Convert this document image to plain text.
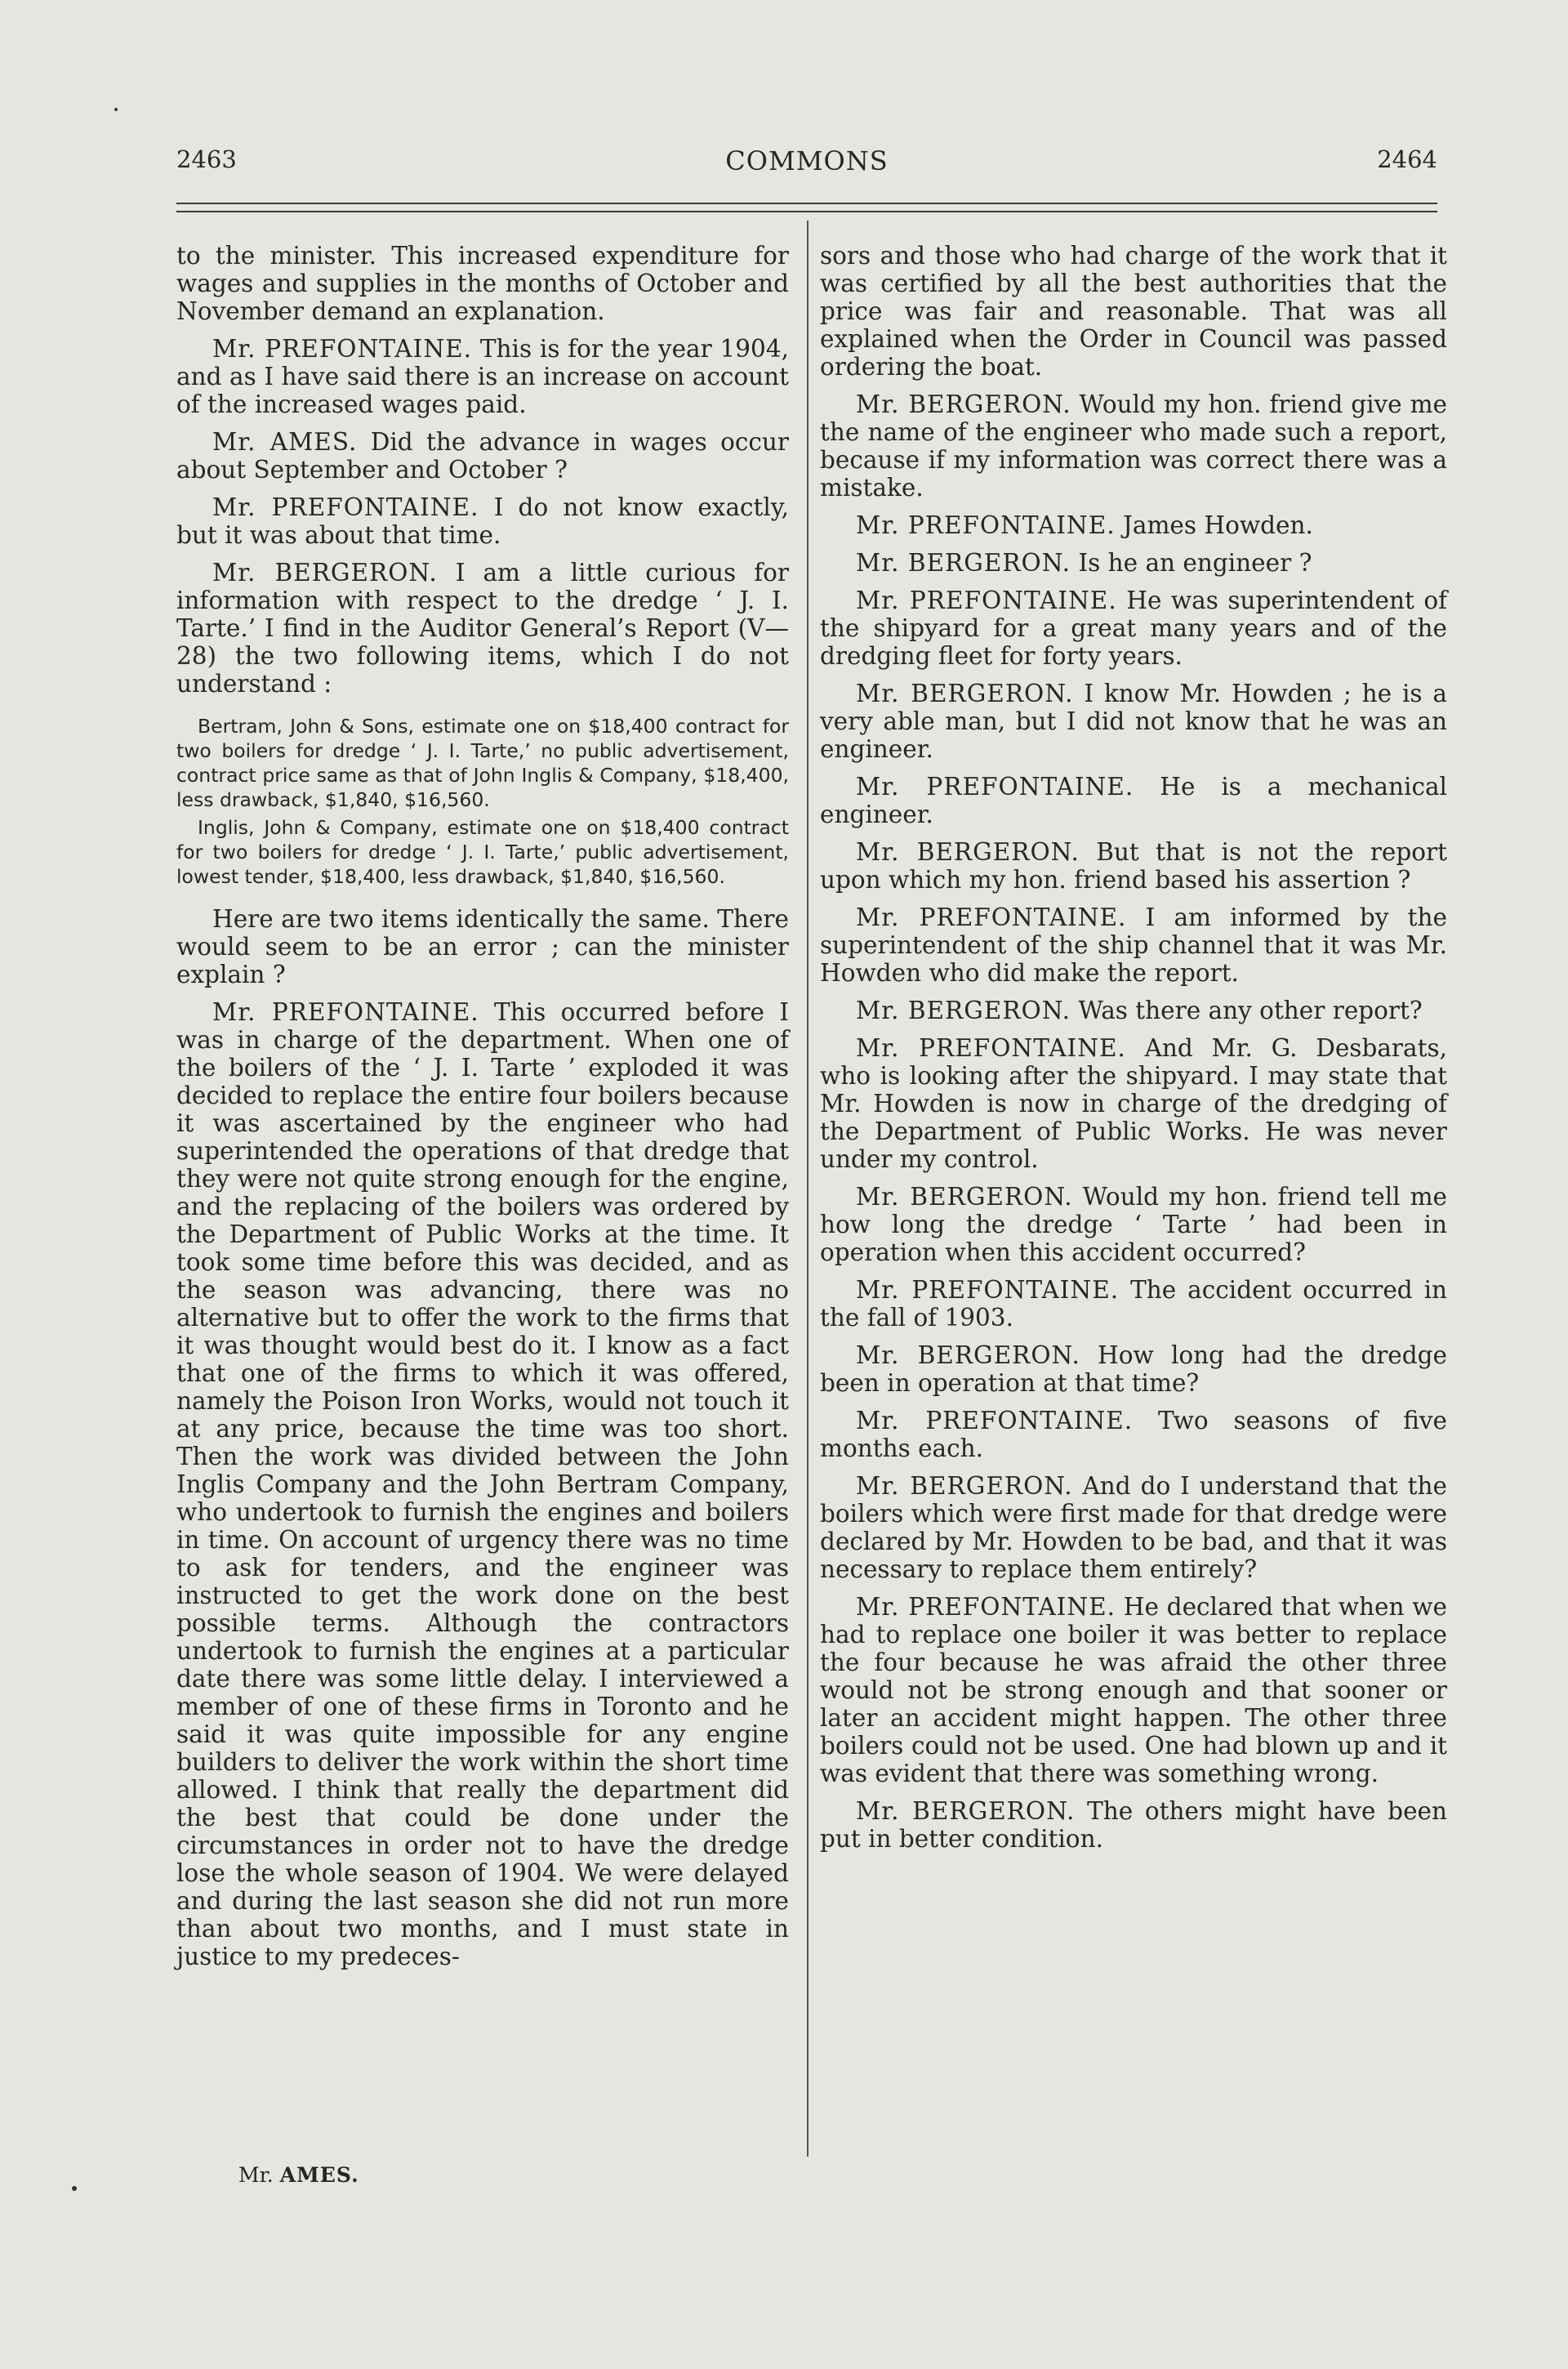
2463	COMMONS	2464

to the minister. This increased expenditure for wages and supplies in the months of October and November demand an explanation.

Mr. PREFONTAINE. This is for the year 1904, and as I have said there is an increase on account of the increased wages paid.

Mr. AMES. Did the advance in wages occur about September and October ?

Mr. PREFONTAINE. I do not know exactly, but it was about that time.

Mr. BERGERON. I am a little curious for information with respect to the dredge ‘ J. I. Tarte.’ I find in the Auditor General’s Report (V—28) the two following items, which I do not understand :

Bertram, John & Sons, estimate one on $18,400 contract for two boilers for dredge ‘ J. I. Tarte,’ no public advertisement, contract price same as that of John Inglis & Company, $18,400, less drawback, $1,840, $16,560.

Inglis, John & Company, estimate one on $18,400 contract for two boilers for dredge ‘ J. I. Tarte,’ public advertisement, lowest tender, $18,400, less drawback, $1,840, $16,560.

Here are two items identically the same. There would seem to be an error ; can the minister explain ?

Mr. PREFONTAINE. This occurred before I was in charge of the department. When one of the boilers of the ‘ J. I. Tarte ’ exploded it was decided to replace the entire four boilers because it was ascertained by the engineer who had superintended the operations of that dredge that they were not quite strong enough for the engine, and the replacing of the boilers was ordered by the Department of Public Works at the time. It took some time before this was decided, and as the season was advancing, there was no alternative but to offer the work to the firms that it was thought would best do it. I know as a fact that one of the firms to which it was offered, namely the Poison Iron Works, would not touch it at any price, because the time was too short. Then the work was divided between the John Inglis Company and the John Bertram Company, who undertook to furnish the engines and boilers in time. On account of urgency there was no time to ask for tenders, and the engineer was instructed to get the work done on the best possible terms. Although the contractors undertook to furnish the engines at a particular date there was some little delay. I interviewed a member of one of these firms in Toronto and he said it was quite impossible for any engine builders to deliver the work within the short time allowed. I think that really the department did the best that could be done under the circumstances in order not to have the dredge lose the whole season of 1904. We were delayed and during the last season she did not run more than about two months, and I must state in justice to my predeces-

sors and those who had charge of the work that it was certified by all the best authorities that the price was fair and reasonable. That was all explained when the Order in Council was passed ordering the boat.

Mr. BERGERON. Would my hon. friend give me the name of the engineer who made such a report, because if my information was correct there was a mistake.

Mr. PREFONTAINE. James Howden.

Mr. BERGERON. Is he an engineer ?

Mr. PREFONTAINE. He was superintendent of the shipyard for a great many years and of the dredging fleet for forty years.

Mr. BERGERON. I know Mr. Howden ; he is a very able man, but I did not know that he was an engineer.

Mr. PREFONTAINE. He is a mechanical engineer.

Mr. BERGERON. But that is not the report upon which my hon. friend based his assertion ?

Mr. PREFONTAINE. I am informed by the superintendent of the ship channel that it was Mr. Howden who did make the report.

Mr. BERGERON. Was there any other report?

Mr. PREFONTAINE. And Mr. G. Desbarats, who is looking after the shipyard. I may state that Mr. Howden is now in charge of the dredging of the Department of Public Works. He was never under my control.

Mr. BERGERON. Would my hon. friend tell me how long the dredge ‘ Tarte ’ had been in operation when this accident occurred?

Mr. PREFONTAINE. The accident occurred in the fall of 1903.

Mr. BERGERON. How long had the dredge been in operation at that time?

Mr. PREFONTAINE. Two seasons of five months each.

Mr. BERGERON. And do I understand that the boilers which were first made for that dredge were declared by Mr. Howden to be bad, and that it was necessary to replace them entirely?

Mr. PREFONTAINE. He declared that when we had to replace one boiler it was better to replace the four because he was afraid the other three would not be strong enough and that sooner or later an accident might happen. The other three boilers could not be used. One had blown up and it was evident that there was something wrong.

Mr. BERGERON. The others might have been put in better condition.

Mr. AMES.
